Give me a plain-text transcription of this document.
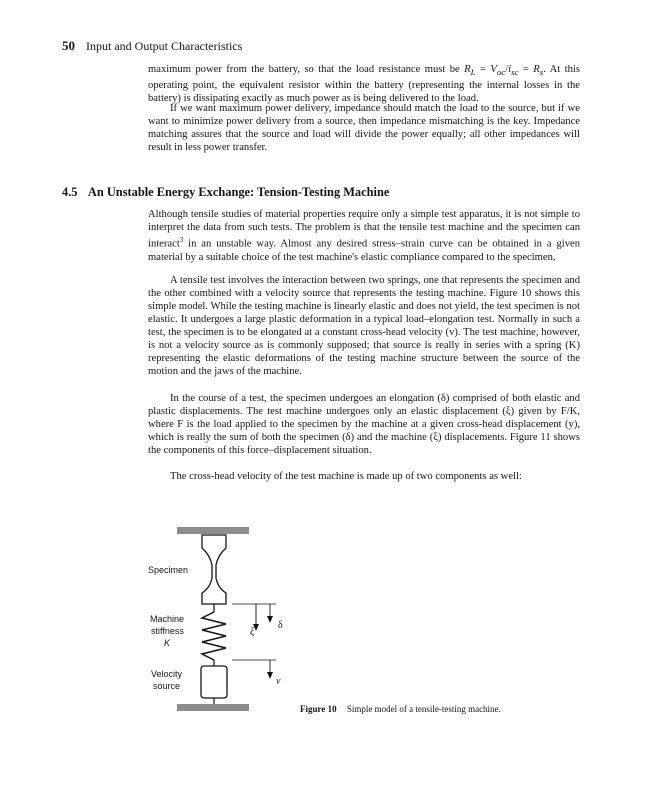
50 Input and Output Characteristics

maximum power from the battery, so that the load resistance must be $R_L = V_{oc}/i_{sc} = R_s$. At this operating point, the equivalent resistor within the battery (representing the internal losses in the battery) is dissipating exactly as much power as is being delivered to the load.

If we want maximum power delivery, impedance should match the load to the source, but if we want to minimize power delivery from a source, then impedance mismatching is the key. Impedance matching assures that the source and load will divide the power equally; all other impedances will result in less power transfer.

4.5 An Unstable Energy Exchange: Tension-Testing Machine

Although tensile studies of material properties require only a simple test apparatus, it is not simple to interpret the data from such tests. The problem is that the tensile test machine and the specimen can interact$^3$ in an unstable way. Almost any desired stress–strain curve can be obtained in a given material by a suitable choice of the test machine's elastic compliance compared to the specimen.

A tensile test involves the interaction between two springs, one that represents the specimen and the other combined with a velocity source that represents the testing machine. Figure 10 shows this simple model. While the testing machine is linearly elastic and does not yield, the test specimen is not elastic. It undergoes a large plastic deformation in a typical load–elongation test. Normally in such a test, the specimen is to be elongated at a constant cross-head velocity (v). The test machine, however, is not a velocity source as is commonly supposed; that source is really in series with a spring (K) representing the elastic deformations of the testing machine structure between the source of the motion and the jaws of the machine.

In the course of a test, the specimen undergoes an elongation (δ) comprised of both elastic and plastic displacements. The test machine undergoes only an elastic displacement (ξ) given by F/K, where F is the load applied to the specimen by the machine at a given cross-head displacement (y), which is really the sum of both the specimen (δ) and the machine (ξ) displacements. Figure 11 shows the components of this force–displacement situation.

The cross-head velocity of the test machine is made up of two components as well:

ξ
δ
v
Specimen
Machine
stiffness
K
Velocity
source
Figure 10 Simple model of a tensile-testing machine.
